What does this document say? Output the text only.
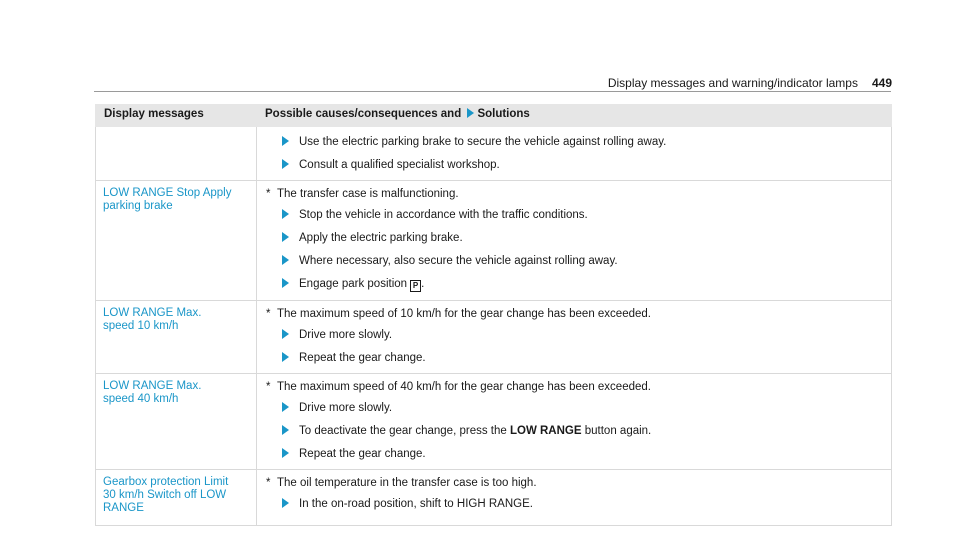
Display messages and warning/indicator lamps 449
Display messages	Possible causes/consequences and Solutions

	Use the electric parking brake to secure the vehicle against rolling away.
Consult a qualified specialist workshop.

LOW RANGE Stop Apply parking brake	* The transfer case is malfunctioning.
Stop the vehicle in accordance with the traffic conditions.
Apply the electric parking brake.
Where necessary, also secure the vehicle against rolling away.
Engage park position P .

LOW RANGE Max. speed 10 km/h	* The maximum speed of 10 km/h for the gear change has been exceeded.
Drive more slowly.
Repeat the gear change.

LOW RANGE Max. speed 40 km/h	* The maximum speed of 40 km/h for the gear change has been exceeded.
Drive more slowly.
To deactivate the gear change, press the LOW RANGE button again.
Repeat the gear change.

Gearbox protection Limit 30 km/h Switch off LOW RANGE	* The oil temperature in the transfer case is too high.
In the on-road position, shift to HIGH RANGE.
